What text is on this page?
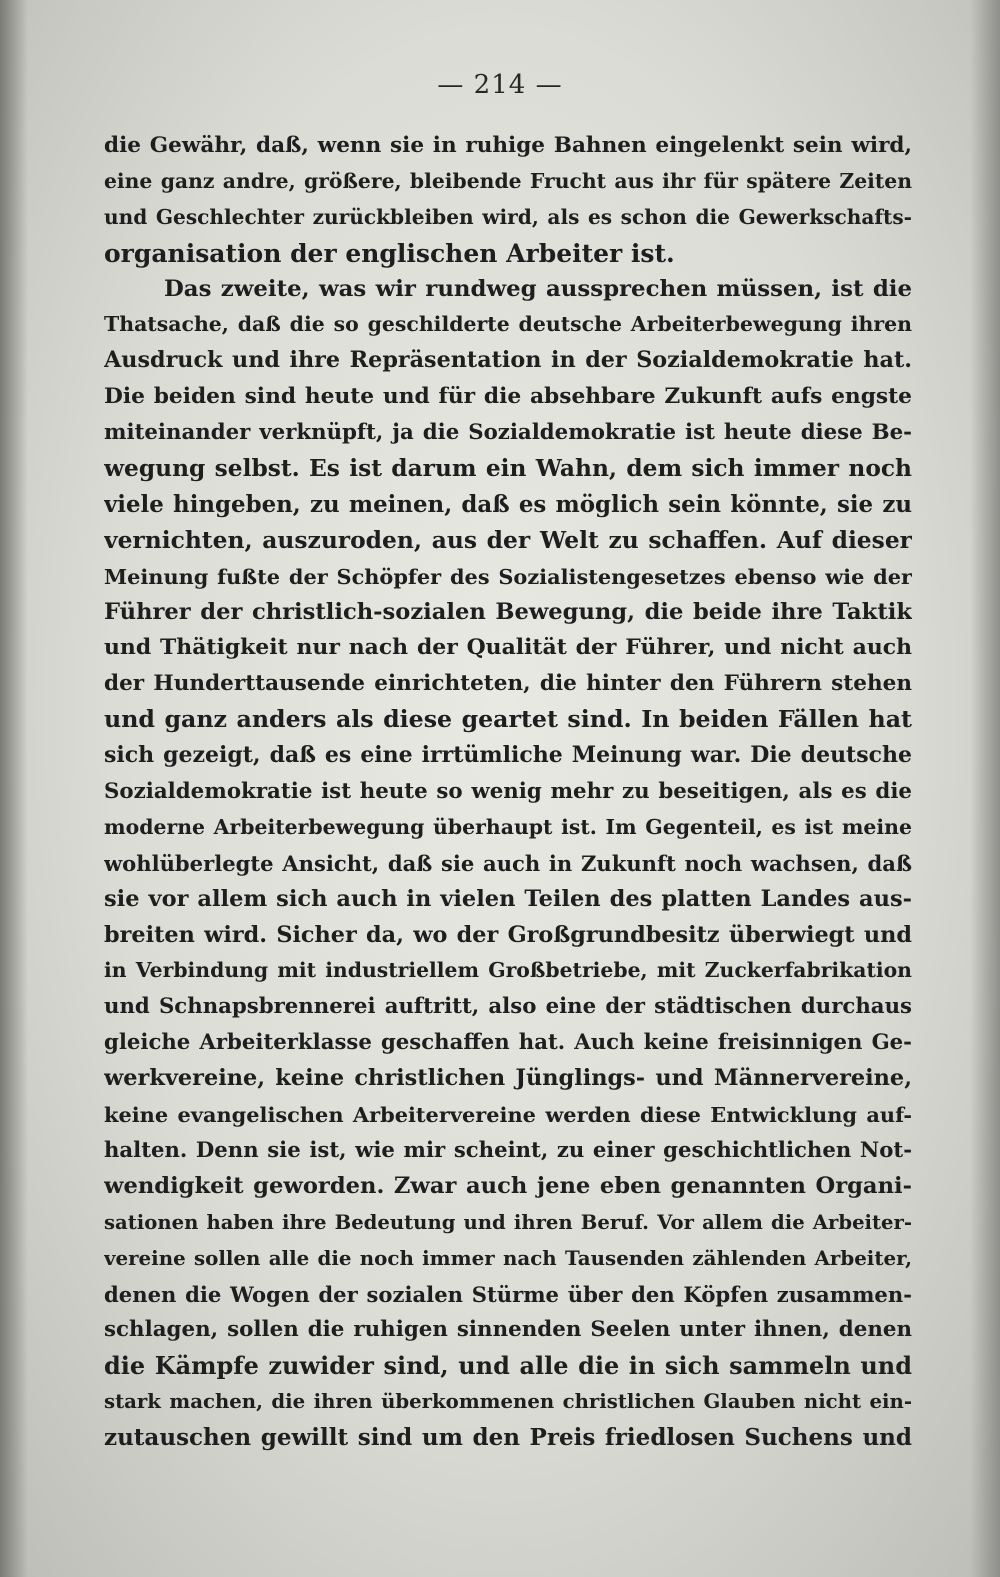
— 214 —
die Gewähr, daß, wenn sie in ruhige Bahnen eingelenkt sein wird,
eine ganz andre, größere, bleibende Frucht aus ihr für spätere Zeiten
und Geschlechter zurückbleiben wird, als es schon die Gewerkschafts-
organisation der englischen Arbeiter ist.
Das zweite, was wir rundweg aussprechen müssen, ist die
Thatsache, daß die so geschilderte deutsche Arbeiterbewegung ihren
Ausdruck und ihre Repräsentation in der Sozialdemokratie hat.
Die beiden sind heute und für die absehbare Zukunft aufs engste
miteinander verknüpft, ja die Sozialdemokratie ist heute diese Be-
wegung selbst. Es ist darum ein Wahn, dem sich immer noch
viele hingeben, zu meinen, daß es möglich sein könnte, sie zu
vernichten, auszuroden, aus der Welt zu schaffen. Auf dieser
Meinung fußte der Schöpfer des Sozialistengesetzes ebenso wie der
Führer der christlich-sozialen Bewegung, die beide ihre Taktik
und Thätigkeit nur nach der Qualität der Führer, und nicht auch
der Hunderttausende einrichteten, die hinter den Führern stehen
und ganz anders als diese geartet sind. In beiden Fällen hat
sich gezeigt, daß es eine irrtümliche Meinung war. Die deutsche
Sozialdemokratie ist heute so wenig mehr zu beseitigen, als es die
moderne Arbeiterbewegung überhaupt ist. Im Gegenteil, es ist meine
wohlüberlegte Ansicht, daß sie auch in Zukunft noch wachsen, daß
sie vor allem sich auch in vielen Teilen des platten Landes aus-
breiten wird. Sicher da, wo der Großgrundbesitz überwiegt und
in Verbindung mit industriellem Großbetriebe, mit Zuckerfabrikation
und Schnapsbrennerei auftritt, also eine der städtischen durchaus
gleiche Arbeiterklasse geschaffen hat. Auch keine freisinnigen Ge-
werkvereine, keine christlichen Jünglings- und Männervereine,
keine evangelischen Arbeitervereine werden diese Entwicklung auf-
halten. Denn sie ist, wie mir scheint, zu einer geschichtlichen Not-
wendigkeit geworden. Zwar auch jene eben genannten Organi-
sationen haben ihre Bedeutung und ihren Beruf. Vor allem die Arbeiter-
vereine sollen alle die noch immer nach Tausenden zählenden Arbeiter,
denen die Wogen der sozialen Stürme über den Köpfen zusammen-
schlagen, sollen die ruhigen sinnenden Seelen unter ihnen, denen
die Kämpfe zuwider sind, und alle die in sich sammeln und
stark machen, die ihren überkommenen christlichen Glauben nicht ein-
zutauschen gewillt sind um den Preis friedlosen Suchens und
